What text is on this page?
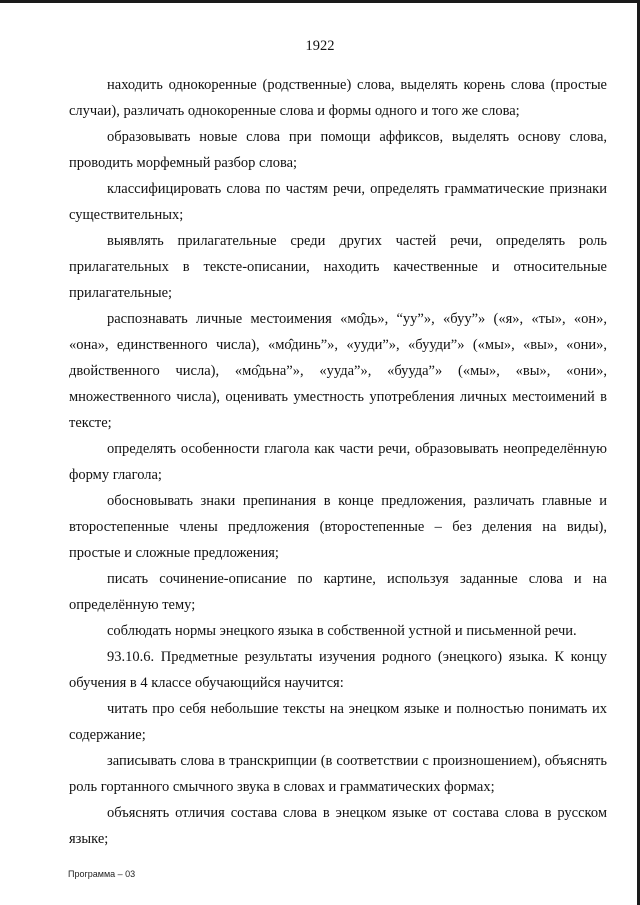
1922

находить однокоренные (родственные) слова, выделять корень слова (простые случаи), различать однокоренные слова и формы одного и того же слова;

образовывать новые слова при помощи аффиксов, выделять основу слова, проводить морфемный разбор слова;

классифицировать слова по частям речи, определять грамматические признаки существительных;

выявлять прилагательные среди других частей речи, определять роль прилагательных в тексте-описании, находить качественные и относительные прилагательные;

распознавать личные местоимения «мо̂дь», “уу”», «буу”» («я», «ты», «он», «она», единственного числа), «мо̂динь”», «ууди”», «бууди”» («мы», «вы», «они», двойственного числа), «мо̂дьна”», «ууда”», «бууда”» («мы», «вы», «они», множественного числа), оценивать уместность употребления личных местоимений в тексте;

определять особенности глагола как части речи, образовывать неопределённую форму глагола;

обосновывать знаки препинания в конце предложения, различать главные и второстепенные члены предложения (второстепенные – без деления на виды), простые и сложные предложения;

писать сочинение-описание по картине, используя заданные слова и на определённую тему;

соблюдать нормы энецкого языка в собственной устной и письменной речи.

93.10.6. Предметные результаты изучения родного (энецкого) языка. К концу обучения в 4 классе обучающийся научится:

читать про себя небольшие тексты на энецком языке и полностью понимать их содержание;

записывать слова в транскрипции (в соответствии с произношением), объяснять роль гортанного смычного звука в словах и грамматических формах;

объяснять отличия состава слова в энецком языке от состава слова в русском языке;

Программа – 03
